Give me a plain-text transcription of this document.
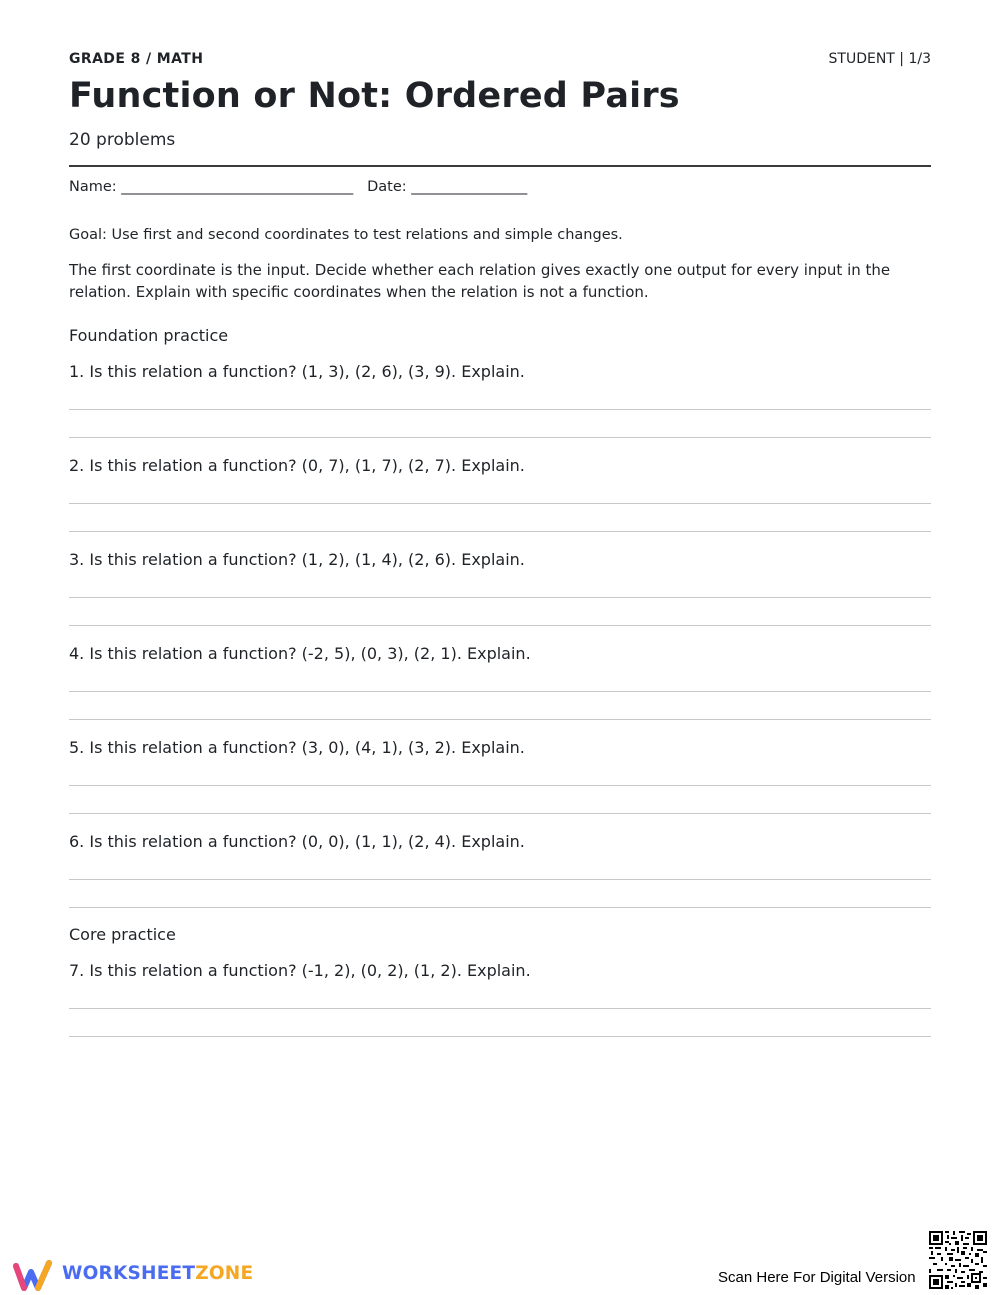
GRADE 8 / MATH	STUDENT | 1/3
Function or Not: Ordered Pairs
20 problems
Name: ________________________________   Date: ________________
Goal: Use first and second coordinates to test relations and simple changes.
The first coordinate is the input. Decide whether each relation gives exactly one output for every input in the relation. Explain with specific coordinates when the relation is not a function.
Foundation practice
1. Is this relation a function? (1, 3), (2, 6), (3, 9). Explain.
2. Is this relation a function? (0, 7), (1, 7), (2, 7). Explain.
3. Is this relation a function? (1, 2), (1, 4), (2, 6). Explain.
4. Is this relation a function? (-2, 5), (0, 3), (2, 1). Explain.
5. Is this relation a function? (3, 0), (4, 1), (3, 2). Explain.
6. Is this relation a function? (0, 0), (1, 1), (2, 4). Explain.
Core practice
7. Is this relation a function? (-1, 2), (0, 2), (1, 2). Explain.
WORKSHEETZONE	Scan Here For Digital Version
